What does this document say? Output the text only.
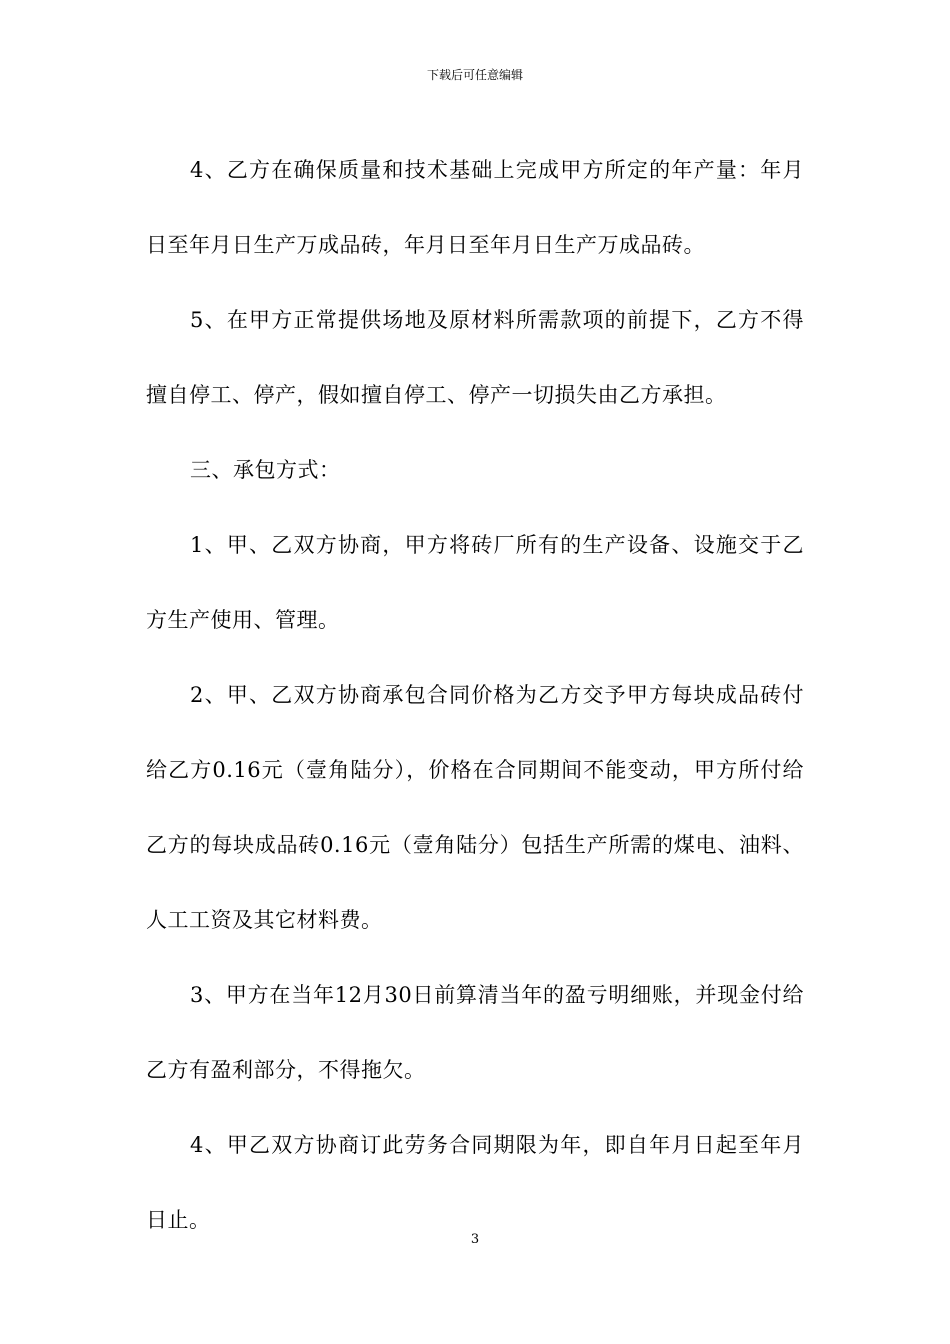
下载后可任意编辑

4、乙方在确保质量和技术基础上完成甲方所定的年产量：年月日至年月日生产万成品砖，年月日至年月日生产万成品砖。

5、在甲方正常提供场地及原材料所需款项的前提下，乙方不得擅自停工、停产，假如擅自停工、停产一切损失由乙方承担。

三、承包方式：

1、甲、乙双方协商，甲方将砖厂所有的生产设备、设施交于乙方生产使用、管理。

2、甲、乙双方协商承包合同价格为乙方交予甲方每块成品砖付给乙方0.16元（壹角陆分），价格在合同期间不能变动，甲方所付给乙方的每块成品砖0.16元（壹角陆分）包括生产所需的煤电、油料、人工工资及其它材料费。

3、甲方在当年12月30日前算清当年的盈亏明细账，并现金付给乙方有盈利部分，不得拖欠。

4、甲乙双方协商订此劳务合同期限为年，即自年月日起至年月日止。

3
